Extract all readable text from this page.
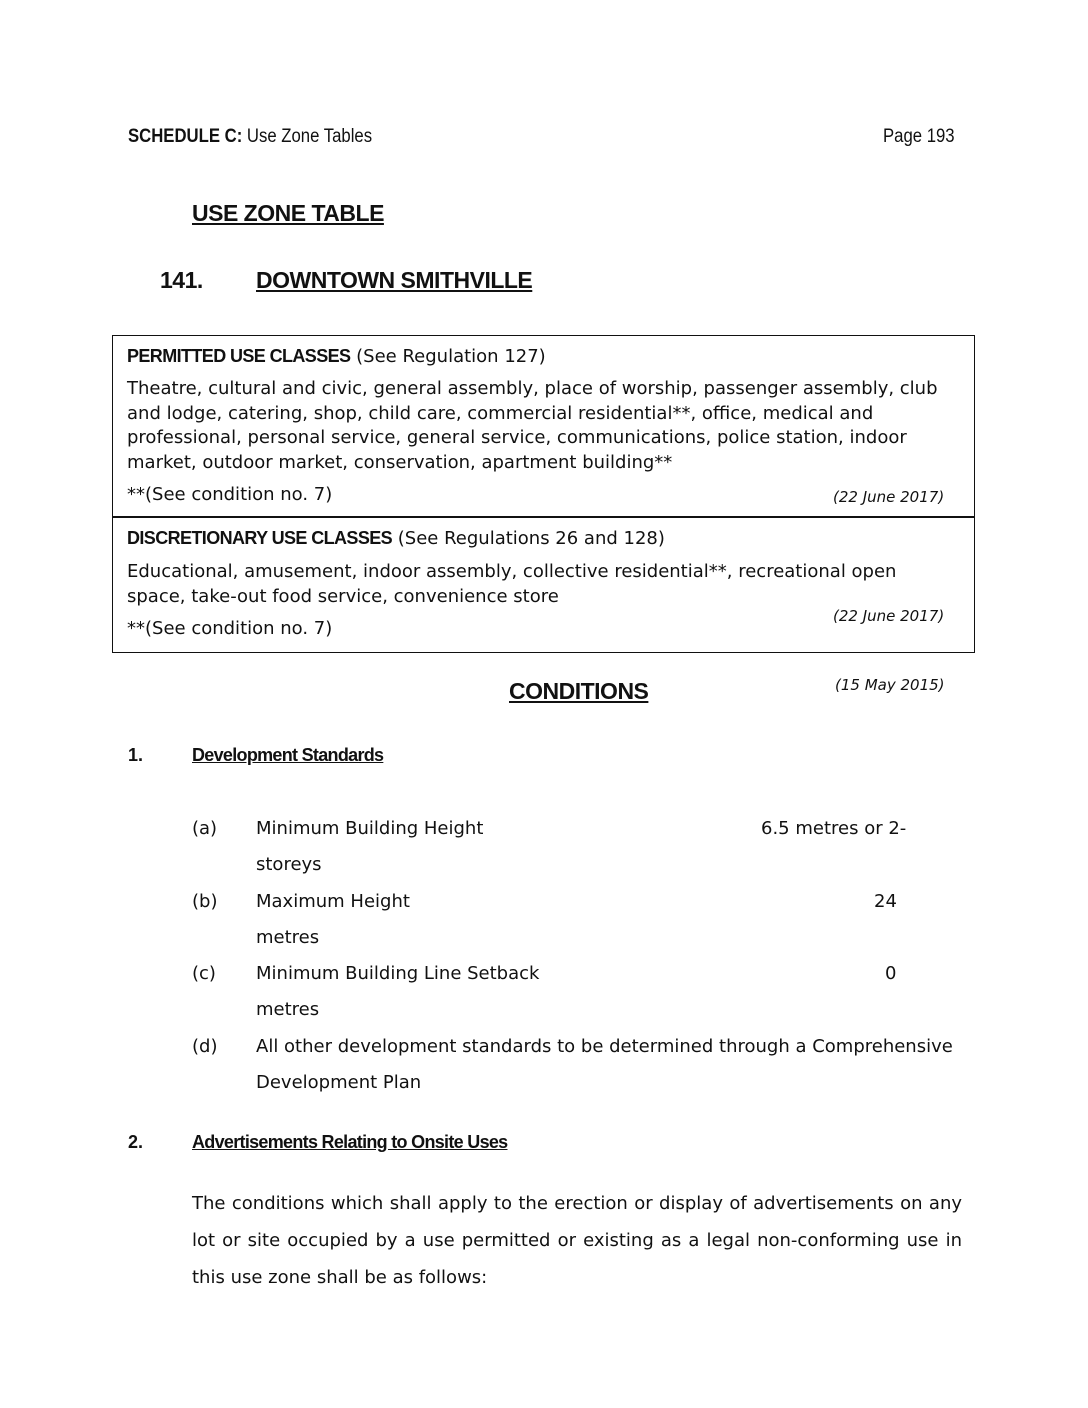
SCHEDULE C: Use Zone Tables	Page 193
USE ZONE TABLE
141. DOWNTOWN SMITHVILLE
PERMITTED USE CLASSES (See Regulation 127)
Theatre, cultural and civic, general assembly, place of worship, passenger assembly, club
and lodge, catering, shop, child care, commercial residential**, office, medical and
professional, personal service, general service, communications, police station, indoor
market, outdoor market, conservation, apartment building**
**(See condition no. 7)	(22 June 2017)
DISCRETIONARY USE CLASSES (See Regulations 26 and 128)
Educational, amusement, indoor assembly, collective residential**, recreational open
space, take-out food service, convenience store
**(See condition no. 7)
(22 June 2017)
CONDITIONS	(15 May 2015)
1.	Development Standards
(a) Minimum Building Height	6.5 metres or 2-
storeys
(b) Maximum Height	24
metres
(c) Minimum Building Line Setback	0
metres
(d) All other development standards to be determined through a Comprehensive
Development Plan
2.	Advertisements Relating to Onsite Uses
The conditions which shall apply to the erection or display of advertisements on any lot or site occupied by a use permitted or existing as a legal non-conforming use in this use zone shall be as follows:
